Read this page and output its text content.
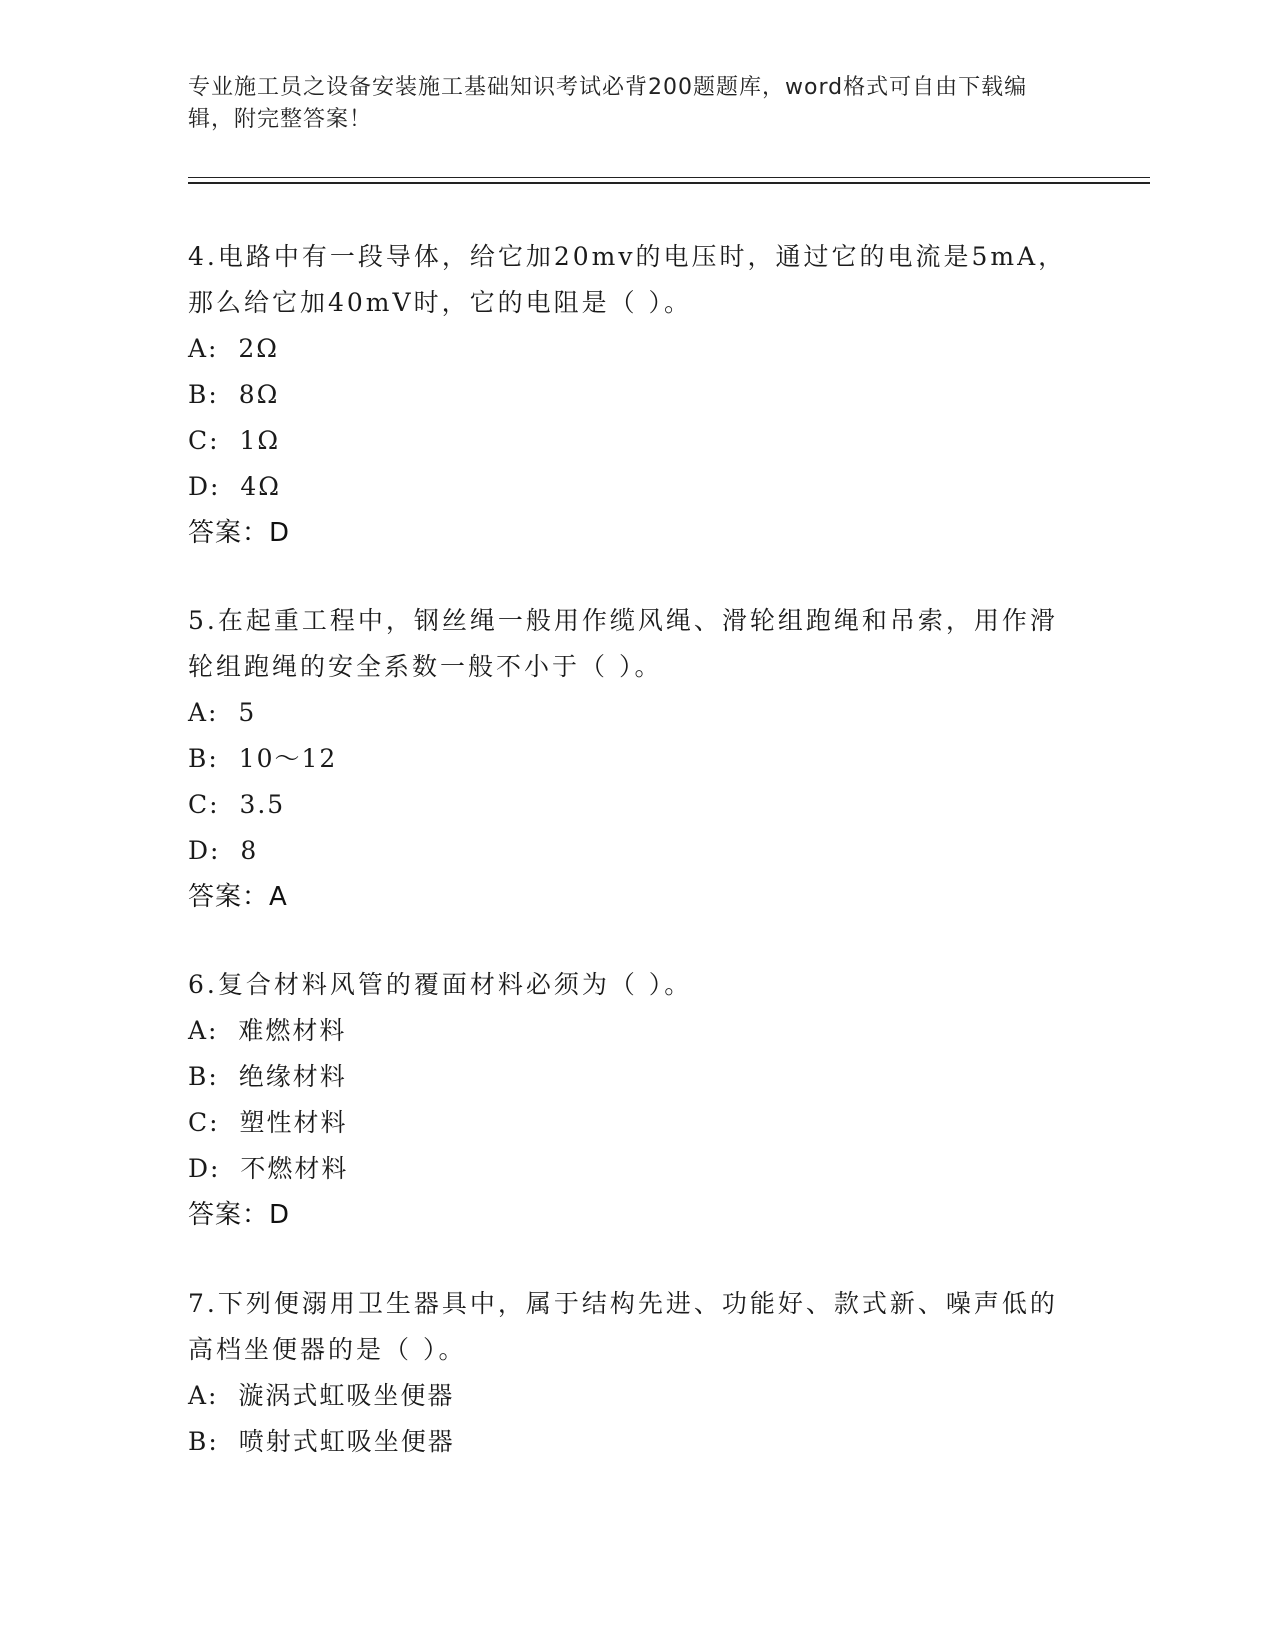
专业施工员之设备安装施工基础知识考试必背200题题库，word格式可自由下载编辑，附完整答案！
4.电路中有一段导体，给它加20mv的电压时，通过它的电流是5mA，那么给它加40mV时，它的电阻是（ ）。
A:  2Ω
B:  8Ω
C:  1Ω
D:  4Ω
答案：D
5.在起重工程中，钢丝绳一般用作缆风绳、滑轮组跑绳和吊索，用作滑轮组跑绳的安全系数一般不小于（ ）。
A:  5
B:  10～12
C:  3.5
D:  8
答案：A
6.复合材料风管的覆面材料必须为（ ）。
A:  难燃材料
B:  绝缘材料
C:  塑性材料
D:  不燃材料
答案：D
7.下列便溺用卫生器具中，属于结构先进、功能好、款式新、噪声低的高档坐便器的是（ ）。
A:  漩涡式虹吸坐便器
B:  喷射式虹吸坐便器
